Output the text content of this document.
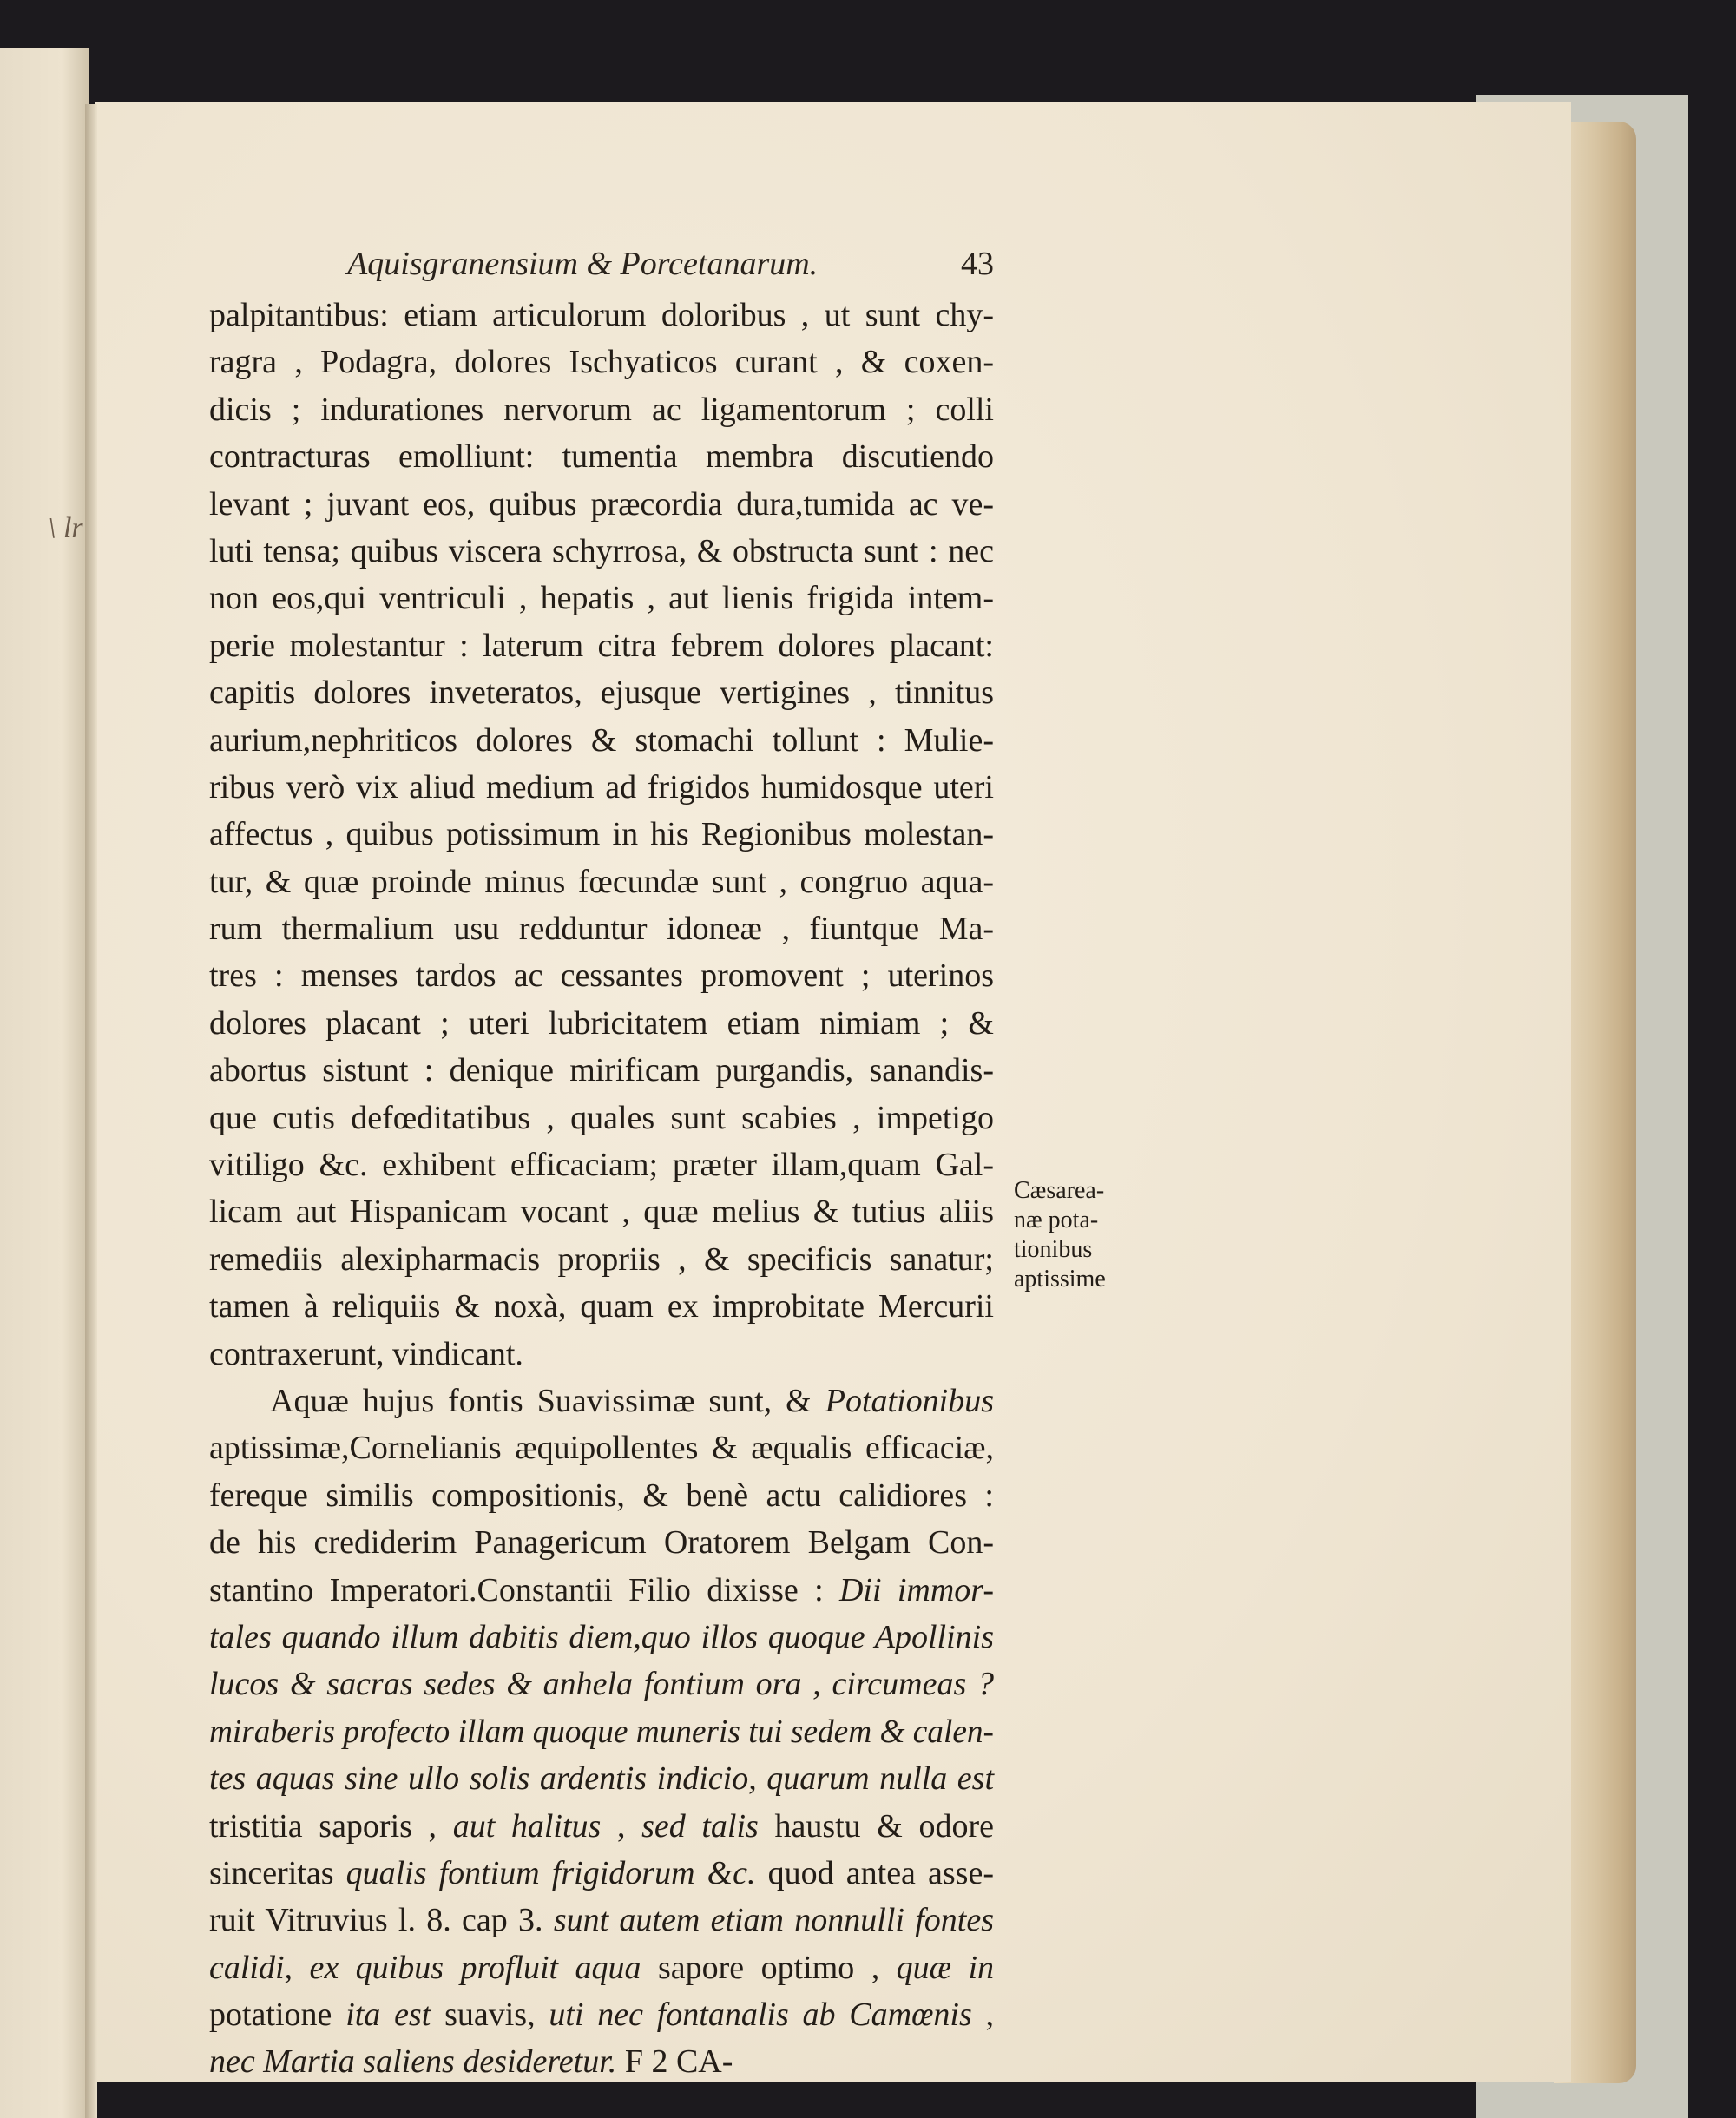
\ lr
Aquisgranensium & Porcetanarum.	43
palpitantibus: etiam articulorum doloribus , ut sunt chy-
ragra , Podagra, dolores Ischyaticos curant , & coxen-
dicis ; indurationes nervorum ac ligamentorum ; colli
contracturas emolliunt: tumentia membra discutiendo
levant ; juvant eos, quibus præcordia dura,tumida ac ve-
luti tensa; quibus viscera schyrrosa, & obstructa sunt : nec
non eos,qui ventriculi , hepatis , aut lienis frigida intem-
perie molestantur : laterum citra febrem dolores placant:
capitis dolores inveteratos, ejusque vertigines , tinnitus
aurium,nephriticos dolores & stomachi tollunt : Mulie-
ribus verò vix aliud medium ad frigidos humidosque uteri
affectus , quibus potissimum in his Regionibus molestan-
tur, & quæ proinde minus fœcundæ sunt , congruo aqua-
rum thermalium usu redduntur idoneæ , fiuntque Ma-
tres : menses tardos ac cessantes promovent ; uterinos
dolores placant ; uteri lubricitatem etiam nimiam ; &
abortus sistunt : denique mirificam purgandis, sanandis-
que cutis defœditatibus , quales sunt scabies , impetigo
vitiligo &c. exhibent efficaciam; præter illam,quam Gal-
licam aut Hispanicam vocant , quæ melius & tutius aliis
remediis alexipharmacis propriis , & specificis sanatur;
tamen à reliquiis & noxà, quam ex improbitate Mercurii
contraxerunt, vindicant.
Aquæ hujus fontis Suavissimæ sunt, & Potationibus
aptissimæ,Cornelianis æquipollentes & æqualis efficaciæ,
fereque similis compositionis, & benè actu calidiores :
de his crediderim Panagericum Oratorem Belgam Con-
stantino Imperatori.Constantii Filio dixisse : Dii immor-
tales quando illum dabitis diem,quo illos quoque Apollinis
lucos & sacras sedes & anhela fontium ora , circumeas ?
miraberis profecto illam quoque muneris tui sedem & calen-
tes aquas sine ullo solis ardentis indicio, quarum nulla est
tristitia saporis , aut halitus , sed talis haustu & odore
sinceritas qualis fontium frigidorum &c. quod antea asse-
ruit Vitruvius l. 8. cap 3. sunt autem etiam nonnulli fontes
calidi, ex quibus profluit aqua sapore optimo , quæ in
potatione ita est suavis, uti nec fontanalis ab Camœnis ,
nec Martia saliens desideretur. F 2 CA-
Cæsarea-
næ pota-
tionibus
aptissime
